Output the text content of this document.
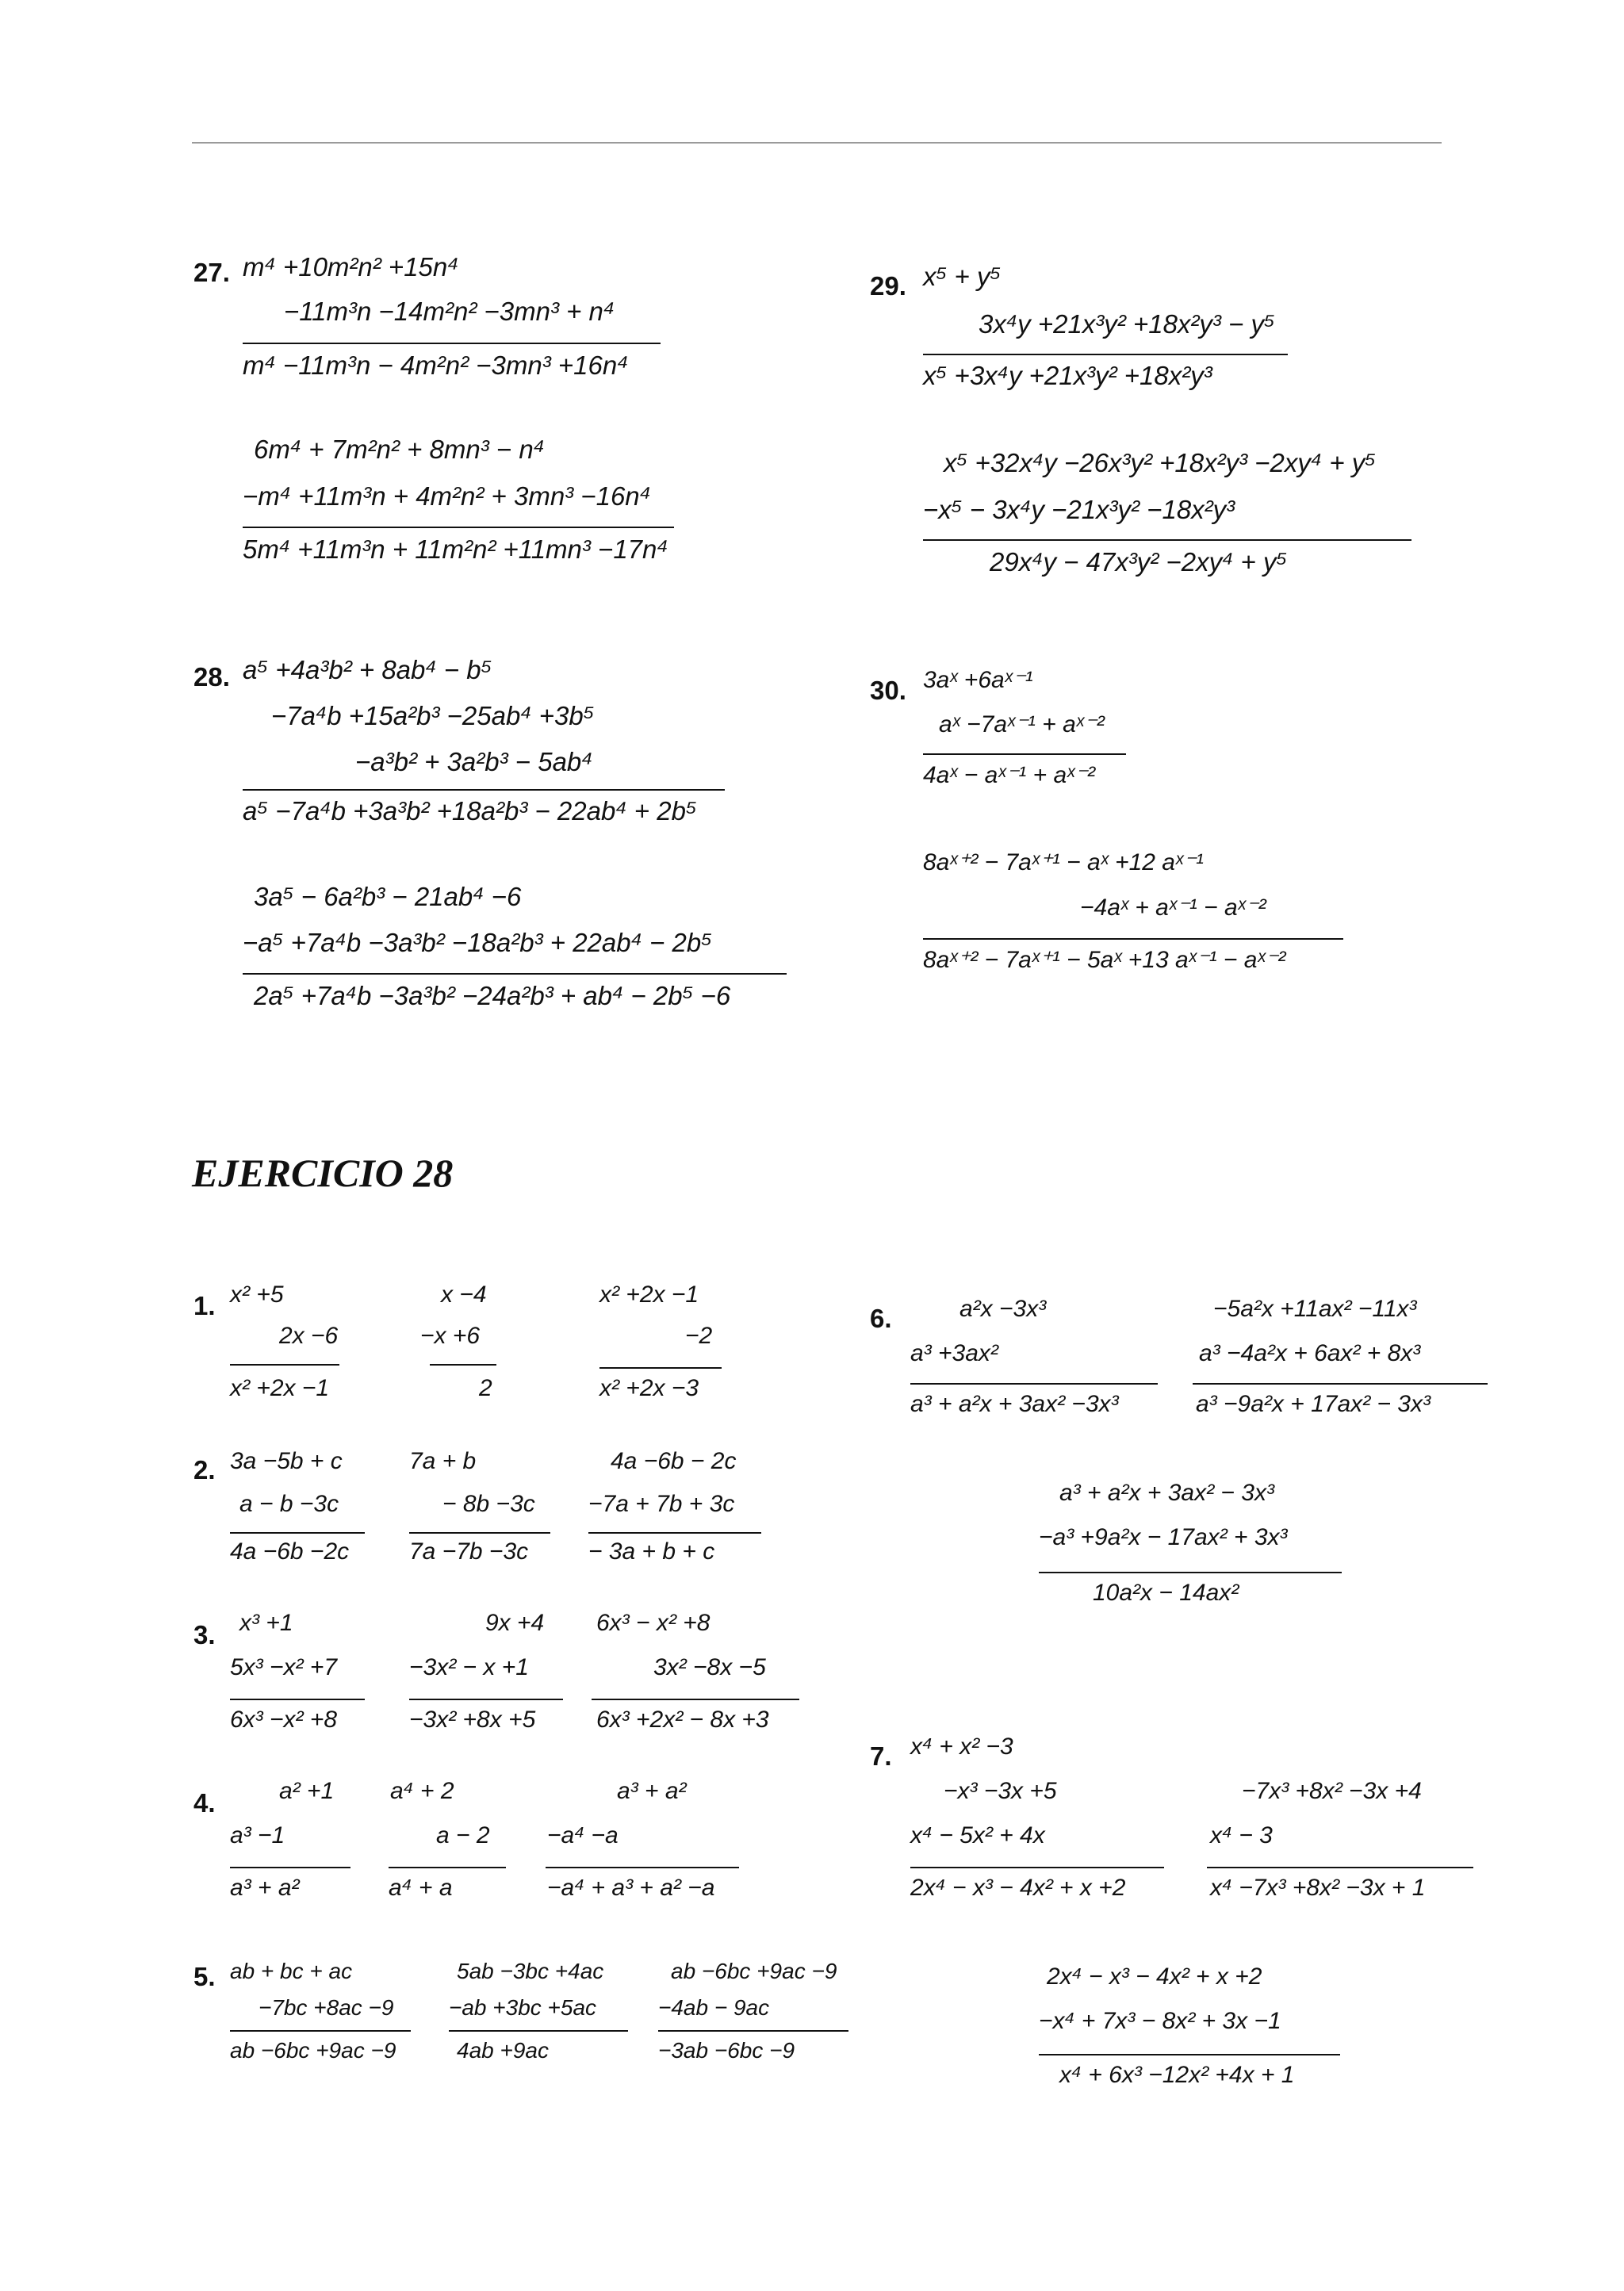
27. m⁴ +10m²n² +15n⁴
−11m³n −14m²n² −3mn³ + n⁴
m⁴ −11m³n − 4m²n² −3mn³ +16n⁴
6m⁴ + 7m²n² + 8mn³ − n⁴
−m⁴ +11m³n + 4m²n² + 3mn³ −16n⁴
5m⁴ +11m³n + 11m²n² +11mn³ −17n⁴
28. a⁵ +4a³b² + 8ab⁴ − b⁵
−7a⁴b +15a²b³ −25ab⁴ +3b⁵
−a³b² + 3a²b³ − 5ab⁴
a⁵ −7a⁴b +3a³b² +18a²b³ − 22ab⁴ + 2b⁵
3a⁵ − 6a²b³ − 21ab⁴ −6
−a⁵ +7a⁴b −3a³b² −18a²b³ + 22ab⁴ − 2b⁵
2a⁵ +7a⁴b −3a³b² −24a²b³ + ab⁴ − 2b⁵ −6
29. x⁵ + y⁵
3x⁴y +21x³y² +18x²y³ − y⁵
x⁵ +3x⁴y +21x³y² +18x²y³
x⁵ +32x⁴y −26x³y² +18x²y³ −2xy⁴ + y⁵
−x⁵ − 3x⁴y −21x³y² −18x²y³
29x⁴y − 47x³y² −2xy⁴ + y⁵
30. 3aˣ +6aˣ⁻¹
aˣ −7aˣ⁻¹ + aˣ⁻²
4aˣ − aˣ⁻¹ + aˣ⁻²
8aˣ⁺² − 7aˣ⁺¹ − aˣ +12 aˣ⁻¹
−4aˣ + aˣ⁻¹ − aˣ⁻²
8aˣ⁺² − 7aˣ⁺¹ − 5aˣ +13 aˣ⁻¹ − aˣ⁻²
EJERCICIO 28
1. x² +5
2x −6
x² +2x −1
x −4
−x +6
2
x² +2x −1
−2
x² +2x −3
2. 3a −5b + c
a − b −3c
4a −6b −2c
7a + b
− 8b −3c
7a −7b −3c
4a −6b − 2c
−7a + 7b + 3c
− 3a + b + c
3. x³ +1
5x³ −x² +7
6x³ −x² +8
9x +4
−3x² − x +1
−3x² +8x +5
6x³ − x² +8
3x² −8x −5
6x³ +2x² − 8x +3
4.	a² +1
a³ −1
a³ + a²
a⁴ + 2
a − 2
a⁴ + a
a³ + a²
−a⁴ −a
−a⁴ + a³ + a² −a
5. ab + bc + ac
−7bc +8ac −9
ab −6bc +9ac −9
5ab −3bc +4ac
−ab +3bc +5ac
4ab +9ac
ab −6bc +9ac −9
−4ab − 9ac
−3ab −6bc −9
6.	a²x −3x³
a³ +3ax²
a³ + a²x + 3ax² −3x³
−5a²x +11ax² −11x³
a³ −4a²x + 6ax² + 8x³
a³ −9a²x + 17ax² − 3x³
a³ + a²x + 3ax² − 3x³
−a³ +9a²x − 17ax² + 3x³
10a²x − 14ax²
7. x⁴ + x² −3
−x³ −3x +5
x⁴ − 5x² + 4x
2x⁴ − x³ − 4x² + x +2
−7x³ +8x² −3x +4
x⁴ − 3
x⁴ −7x³ +8x² −3x + 1
2x⁴ − x³ − 4x² + x +2
−x⁴ + 7x³ − 8x² + 3x −1
x⁴ + 6x³ −12x² +4x + 1
